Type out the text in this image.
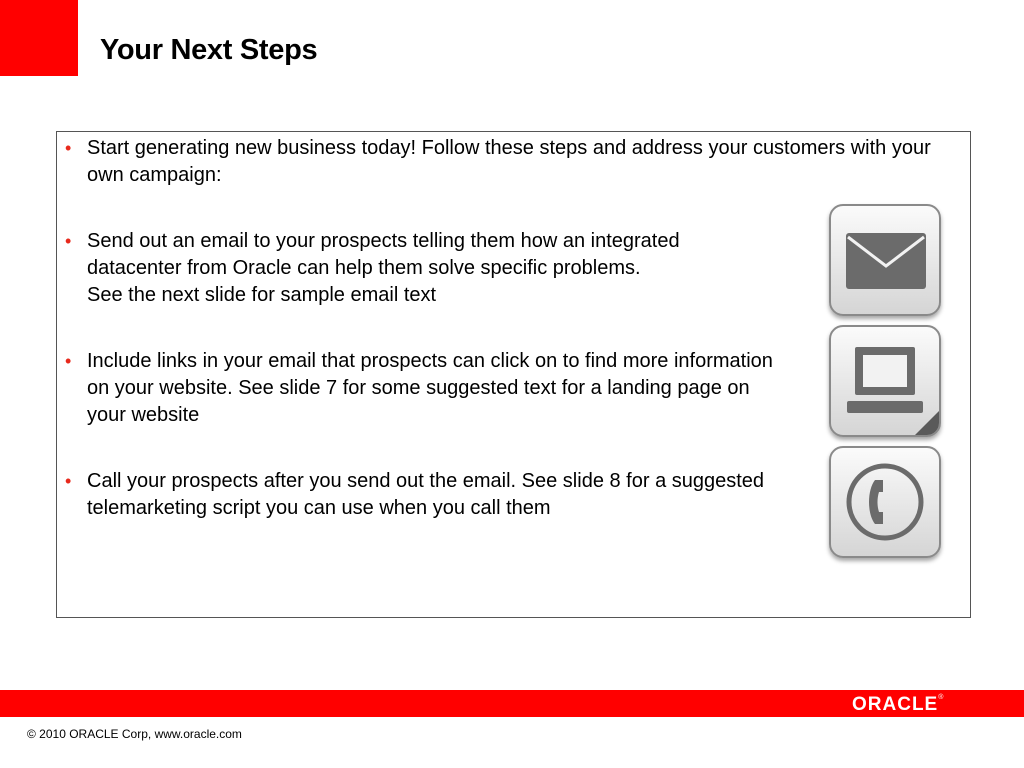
Your Next Steps
• Start generating new business today! Follow these steps and address your customers with your own campaign:
• Send out an email to your prospects telling them how an integrated datacenter from Oracle can help them solve specific problems.
See the next slide for sample email text
• Include links in your email that prospects can click on to find more information on your website. See slide 7 for some suggested text for a landing page on your website
• Call your prospects after you send out the email. See slide 8 for a suggested telemarketing script you can use when you call them
ORACLE®
© 2010 ORACLE Corp, www.oracle.com
